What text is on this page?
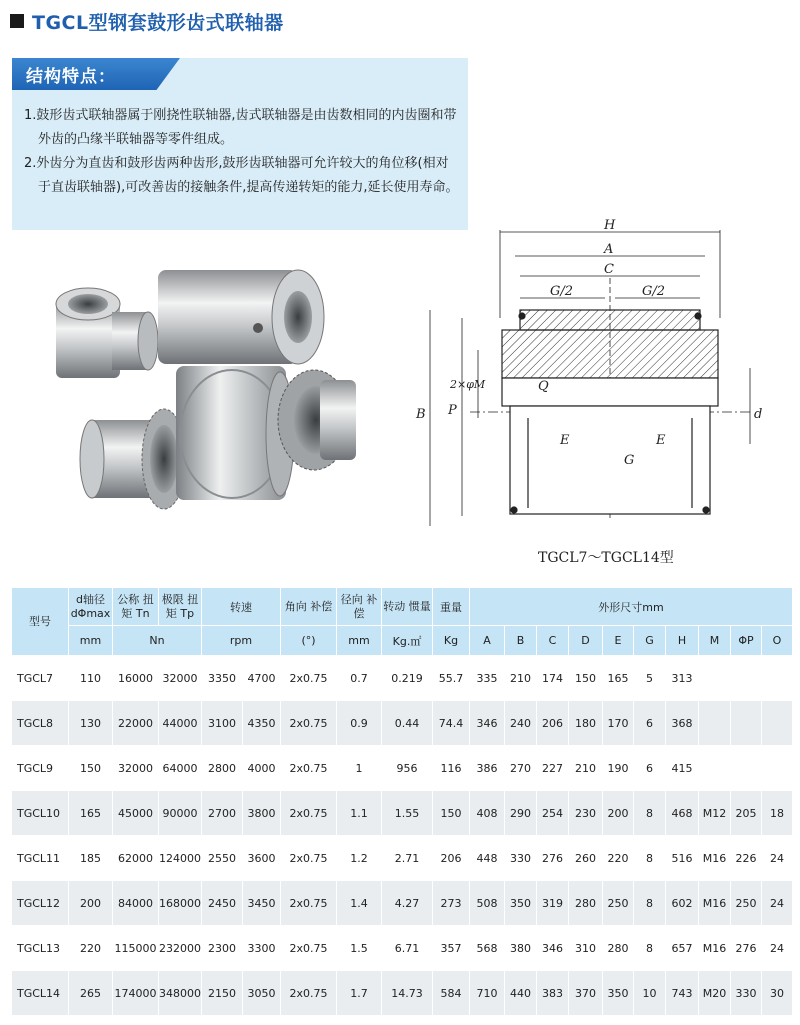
TGCL型钢套鼓形齿式联轴器
结构特点：
1.鼓形齿式联轴器属于刚挠性联轴器,齿式联轴器是由齿数相同的内齿圈和带外齿的凸缘半联轴器等零件组成。
2.外齿分为直齿和鼓形齿两种齿形,鼓形齿联轴器可允许较大的角位移(相对于直齿联轴器),可改善齿的接触条件,提高传递转矩的能力,延长使用寿命。
H
A
C
G/2	G/2
B P
2×φM	Q
E	E
G
d
TGCL7～TGCL14型
型号	d轴径 dΦmax	公称 扭矩 Tn	极限 扭矩 Tp	转速		角向 补偿	径向 补偿	转动 惯量	重量	外形尺寸mm									
	mm	Nn		rpm		(°)	mm	Kg.㎡	Kg	A	B	C	D	E	G	H	M	ΦP	O
TGCL7	110	16000	32000	3350	4700	2x0.75	0.7	0.219	55.7	335	210	174	150	165	5	313			
TGCL8	130	22000	44000	3100	4350	2x0.75	0.9	0.44	74.4	346	240	206	180	170	6	368			
TGCL9	150	32000	64000	2800	4000	2x0.75	1	956	116	386	270	227	210	190	6	415			
TGCL10	165	45000	90000	2700	3800	2x0.75	1.1	1.55	150	408	290	254	230	200	8	468	M12	205	18
TGCL11	185	62000	124000	2550	3600	2x0.75	1.2	2.71	206	448	330	276	260	220	8	516	M16	226	24
TGCL12	200	84000	168000	2450	3450	2x0.75	1.4	4.27	273	508	350	319	280	250	8	602	M16	250	24
TGCL13	220	115000	232000	2300	3300	2x0.75	1.5	6.71	357	568	380	346	310	280	8	657	M16	276	24
TGCL14	265	174000	348000	2150	3050	2x0.75	1.7	14.73	584	710	440	383	370	350	10	743	M20	330	30
